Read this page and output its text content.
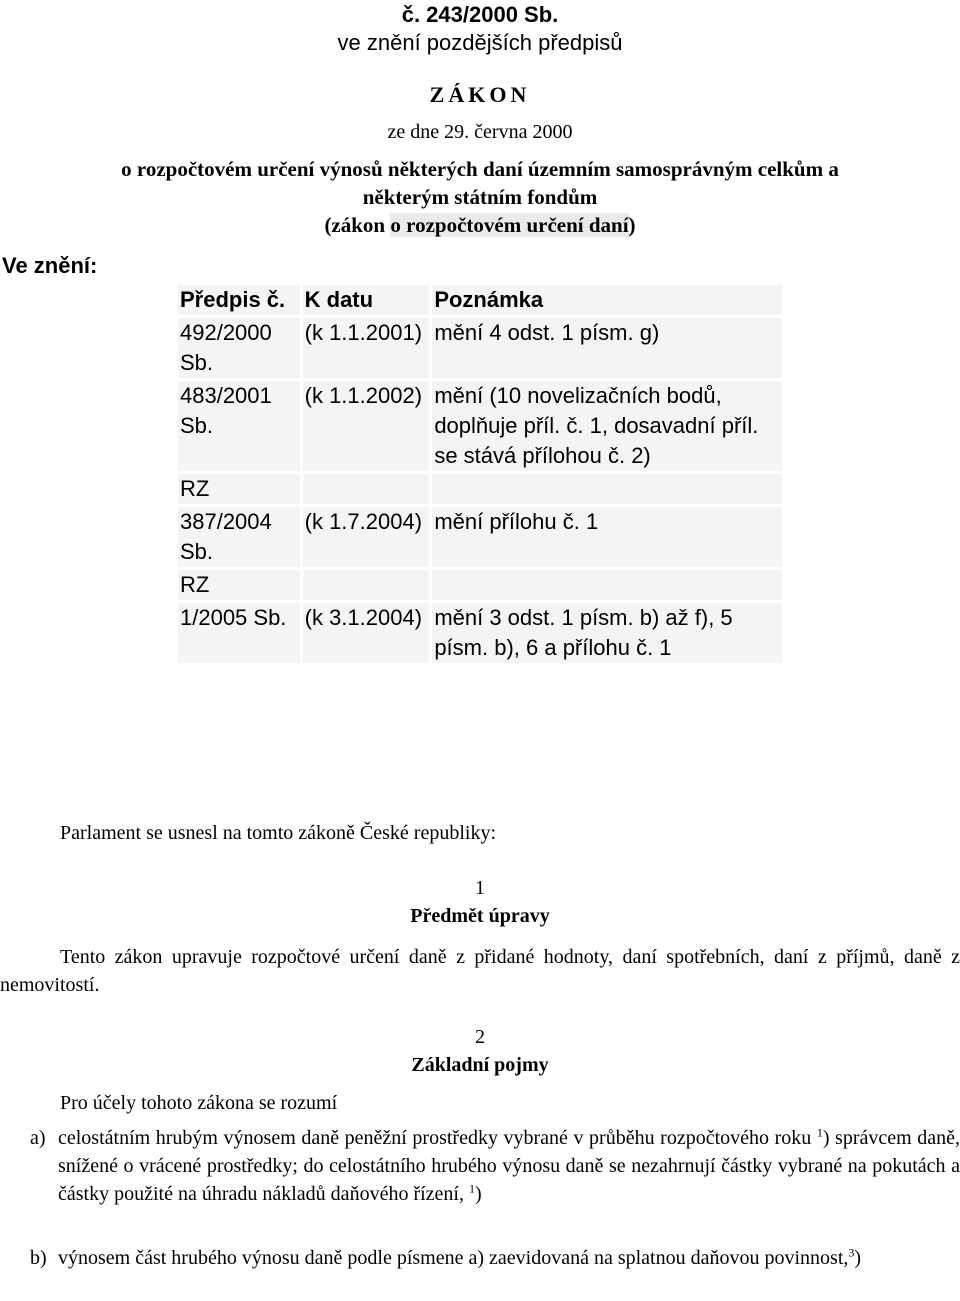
č. 243/2000 Sb.
ve znění pozdějších předpisů
ZÁKON
ze dne 29. června 2000
o rozpočtovém určení výnosů některých daní územním samosprávným celkům a
některým státním fondům
(zákon o rozpočtovém určení daní)
Ve znění:
Předpis č.	K datu	Poznámka
492/2000 Sb.	(k 1.1.2001)	mění 4 odst. 1 písm. g)
483/2001 Sb.	(k 1.1.2002)	mění (10 novelizačních bodů, doplňuje příl. č. 1, dosavadní příl. se stává přílohou č. 2)
RZ		
387/2004 Sb.	(k 1.7.2004)	mění přílohu č. 1
RZ		
1/2005 Sb.	(k 3.1.2004)	mění 3 odst. 1 písm. b) až f), 5 písm. b), 6 a přílohu č. 1
Parlament se usnesl na tomto zákoně České republiky:
1
Předmět úpravy
Tento zákon upravuje rozpočtové určení daně z přidané hodnoty, daní spotřebních, daní z příjmů, daně z nemovitostí.
2
Základní pojmy
Pro účely tohoto zákona se rozumí
a) celostátním hrubým výnosem daně peněžní prostředky vybrané v průběhu rozpočtového roku $^1$) správcem daně, snížené o vrácené prostředky; do celostátního hrubého výnosu daně se nezahrnují částky vybrané na pokutách a částky použité na úhradu nákladů daňového řízení, $^1$)
b) výnosem část hrubého výnosu daně podle písmene a) zaevidovaná na splatnou daňovou povinnost,$^3$)
